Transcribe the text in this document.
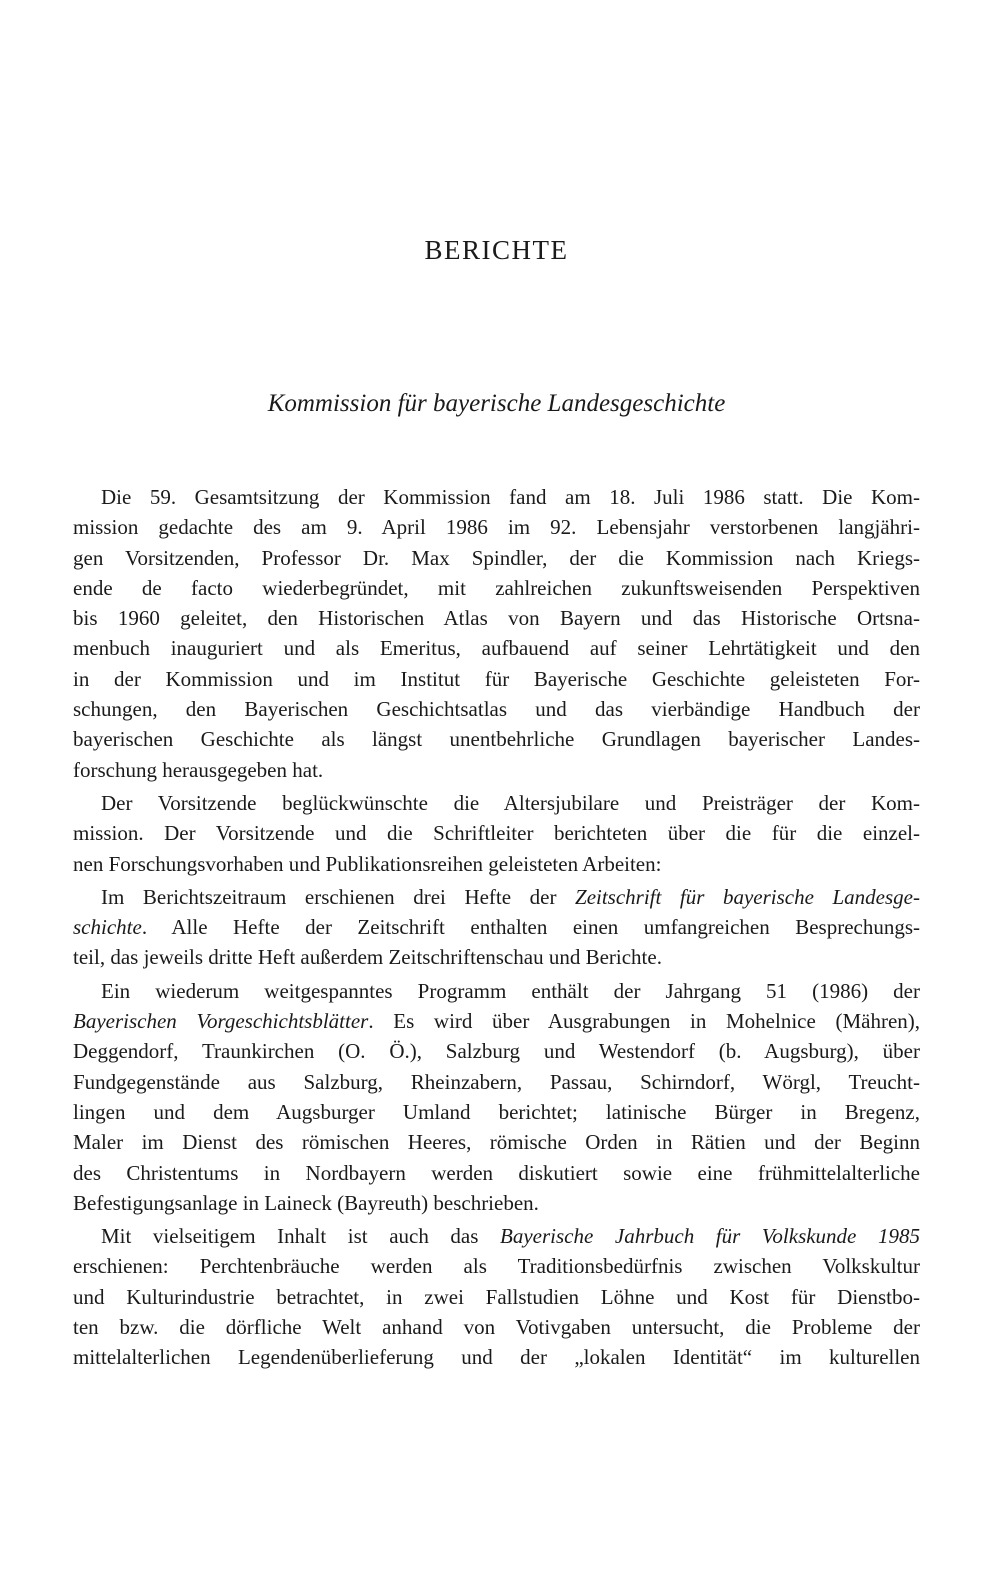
BERICHTE
Kommission für bayerische Landesgeschichte
Die 59. Gesamtsitzung der Kommission fand am 18. Juli 1986 statt. Die Kom-
mission gedachte des am 9. April 1986 im 92. Lebensjahr verstorbenen langjähri-
gen Vorsitzenden, Professor Dr. Max Spindler, der die Kommission nach Kriegs-
ende de facto wiederbegründet, mit zahlreichen zukunftsweisenden Perspektiven
bis 1960 geleitet, den Historischen Atlas von Bayern und das Historische Ortsna-
menbuch inauguriert und als Emeritus, aufbauend auf seiner Lehrtätigkeit und den
in der Kommission und im Institut für Bayerische Geschichte geleisteten For-
schungen, den Bayerischen Geschichtsatlas und das vierbändige Handbuch der
bayerischen Geschichte als längst unentbehrliche Grundlagen bayerischer Landes-
forschung herausgegeben hat.
Der Vorsitzende beglückwünschte die Altersjubilare und Preisträger der Kom-
mission. Der Vorsitzende und die Schriftleiter berichteten über die für die einzel-
nen Forschungsvorhaben und Publikationsreihen geleisteten Arbeiten:
Im Berichtszeitraum erschienen drei Hefte der Zeitschrift für bayerische Landesge-
schichte. Alle Hefte der Zeitschrift enthalten einen umfangreichen Besprechungs-
teil, das jeweils dritte Heft außerdem Zeitschriftenschau und Berichte.
Ein wiederum weitgespanntes Programm enthält der Jahrgang 51 (1986) der
Bayerischen Vorgeschichtsblätter. Es wird über Ausgrabungen in Mohelnice (Mähren),
Deggendorf, Traunkirchen (O. Ö.), Salzburg und Westendorf (b. Augsburg), über
Fundgegenstände aus Salzburg, Rheinzabern, Passau, Schirndorf, Wörgl, Treucht-
lingen und dem Augsburger Umland berichtet; latinische Bürger in Bregenz,
Maler im Dienst des römischen Heeres, römische Orden in Rätien und der Beginn
des Christentums in Nordbayern werden diskutiert sowie eine frühmittelalterliche
Befestigungsanlage in Laineck (Bayreuth) beschrieben.
Mit vielseitigem Inhalt ist auch das Bayerische Jahrbuch für Volkskunde 1985
erschienen: Perchtenbräuche werden als Traditionsbedürfnis zwischen Volkskultur
und Kulturindustrie betrachtet, in zwei Fallstudien Löhne und Kost für Dienstbo-
ten bzw. die dörfliche Welt anhand von Votivgaben untersucht, die Probleme der
mittelalterlichen Legendenüberlieferung und der „lokalen Identität“ im kulturellen
